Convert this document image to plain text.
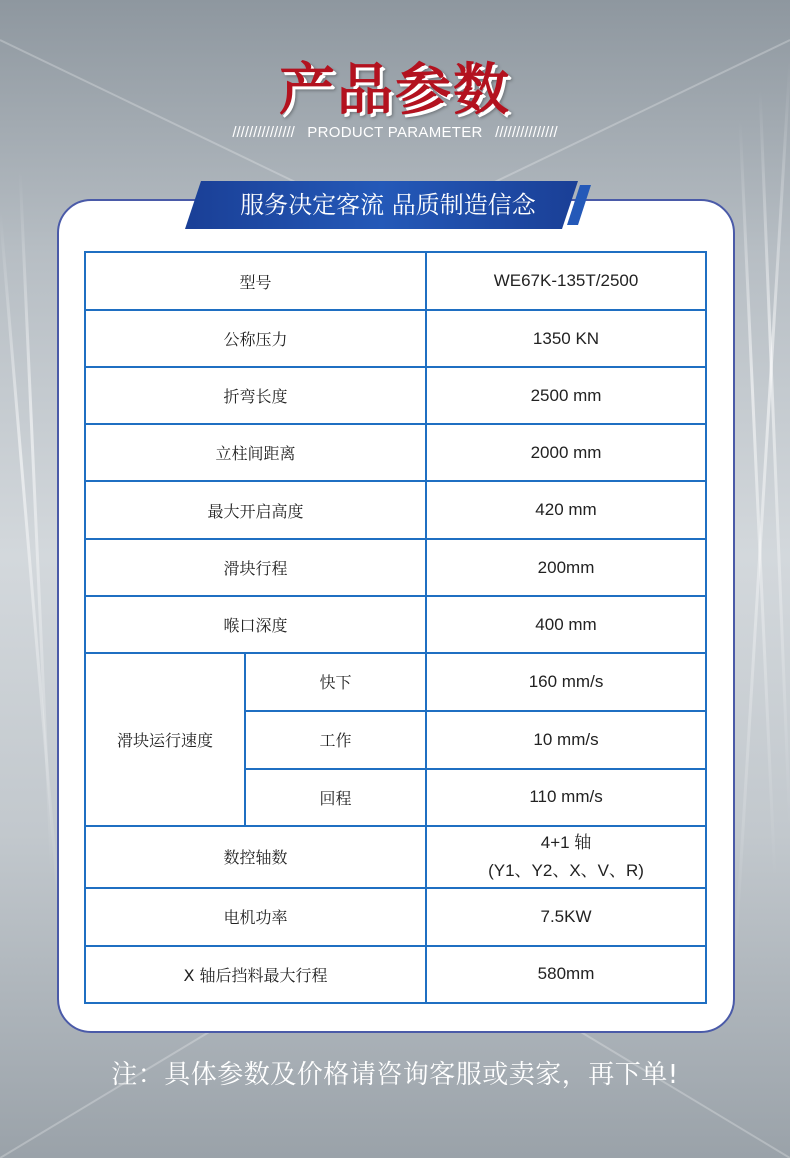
产品参数
/////////////// PRODUCT PARAMETER ///////////////
服务决定客流 品质制造信念
型号		WE67K-135T/2500
公称压力		1350 KN
折弯长度		2500 mm
立柱间距离		2000 mm
最大开启高度		420 mm
滑块行程		200mm
喉口深度		400 mm
滑块运行速度	快下	160 mm/s
	工作	10 mm/s
	回程	110 mm/s
数控轴数		4+1 轴
(Y1、Y2、X、V、R)

电机功率		7.5KW
X 轴后挡料最大行程		580mm
注：具体参数及价格请咨询客服或卖家，再下单!
